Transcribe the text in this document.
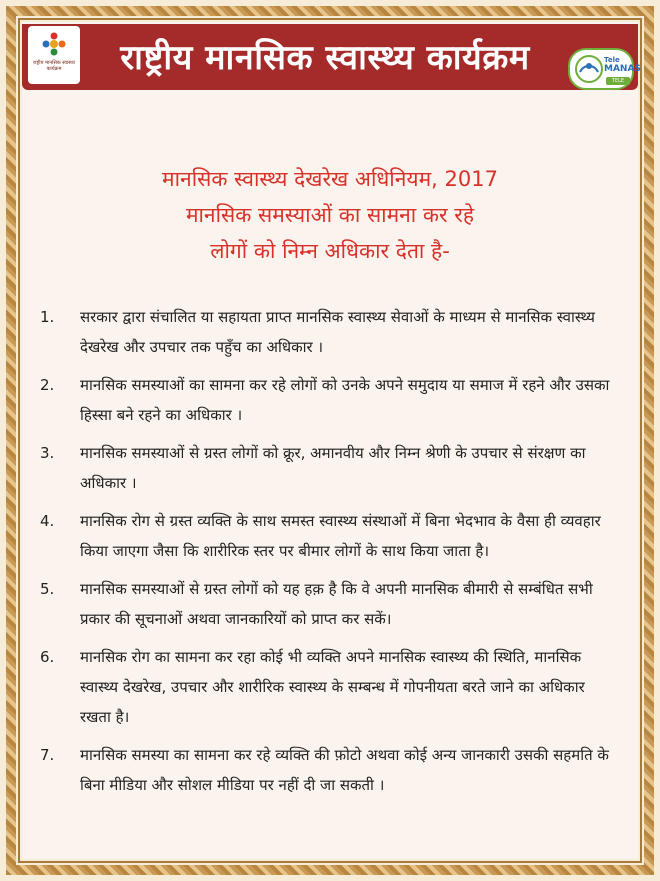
राष्ट्रीय मानसिक स्वास्थ्य कार्यक्रम	राष्ट्रीय मानसिक स्वास्थ्य कार्यक्रम	Tele
MANAS
TELE
मानसिक स्वास्थ्य देखरेख अधिनियम, 2017
मानसिक समस्याओं का सामना कर रहे
लोगों को निम्न अधिकार देता है-
1.	सरकार द्वारा संचालित या सहायता प्राप्त मानसिक स्वास्थ्य सेवाओं के माध्यम से मानसिक स्वास्थ्य देखरेख और उपचार तक पहुँच का अधिकार ।
2.	मानसिक समस्याओं का सामना कर रहे लोगों को उनके अपने समुदाय या समाज में रहने और उसका हिस्सा बने रहने का अधिकार ।
3.	मानसिक समस्याओं से ग्रस्त लोगों को क्रूर, अमानवीय और निम्न श्रेणी के उपचार से संरक्षण का अधिकार ।
4.	मानसिक रोग से ग्रस्त व्यक्ति के साथ समस्त स्वास्थ्य संस्थाओं में बिना भेदभाव के वैसा ही व्यवहार किया जाएगा जैसा कि शारीरिक स्तर पर बीमार लोगों के साथ किया जाता है।
5.	मानसिक समस्याओं से ग्रस्त लोगों को यह हक़ है कि वे अपनी मानसिक बीमारी से सम्बंधित सभी प्रकार की सूचनाओं अथवा जानकारियों को प्राप्त कर सकें।
6.	मानसिक रोग का सामना कर रहा कोई भी व्यक्ति अपने मानसिक स्वास्थ्य की स्थिति, मानसिक स्वास्थ्य देखरेख, उपचार और शारीरिक स्वास्थ्य के सम्बन्ध में गोपनीयता बरते जाने का अधिकार रखता है।
7.	मानसिक समस्या का सामना कर रहे व्यक्ति की फ़ोटो अथवा कोई अन्य जानकारी उसकी सहमति के बिना मीडिया और सोशल मीडिया पर नहीं दी जा सकती ।
